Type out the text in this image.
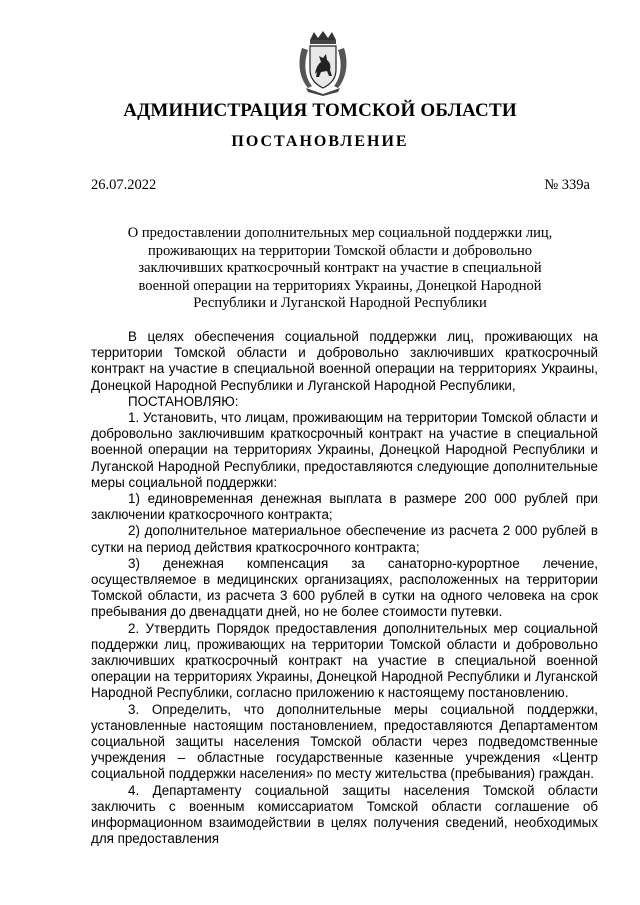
АДМИНИСТРАЦИЯ ТОМСКОЙ ОБЛАСТИ
ПОСТАНОВЛЕНИЕ
26.07.2022	№ 339а
О предоставлении дополнительных мер социальной поддержки лиц, проживающих на территории Томской области и добровольно заключивших краткосрочный контракт на участие в специальной военной операции на территориях Украины, Донецкой Народной Республики и Луганской Народной Республики

В целях обеспечения социальной поддержки лиц, проживающих на территории Томской области и добровольно заключивших краткосрочный контракт на участие в специальной военной операции на территориях Украины, Донецкой Народной Республики и Луганской Народной Республики,

ПОСТАНОВЛЯЮ:

1. Установить, что лицам, проживающим на территории Томской области и добровольно заключившим краткосрочный контракт на участие в специальной военной операции на территориях Украины, Донецкой Народной Республики и Луганской Народной Республики, предоставляются следующие дополнительные меры социальной поддержки:

1) единовременная денежная выплата в размере 200 000 рублей при заключении краткосрочного контракта;

2) дополнительное материальное обеспечение из расчета 2 000 рублей в сутки на период действия краткосрочного контракта;

3) денежная компенсация за санаторно-курортное лечение, осуществляемое в медицинских организациях, расположенных на территории Томской области, из расчета 3 600 рублей в сутки на одного человека на срок пребывания до двенадцати дней, но не более стоимости путевки.

2. Утвердить Порядок предоставления дополнительных мер социальной поддержки лиц, проживающих на территории Томской области и добровольно заключивших краткосрочный контракт на участие в специальной военной операции на территориях Украины, Донецкой Народной Республики и Луганской Народной Республики, согласно приложению к настоящему постановлению.

3. Определить, что дополнительные меры социальной поддержки, установленные настоящим постановлением, предоставляются Департаментом социальной защиты населения Томской области через подведомственные учреждения – областные государственные казенные учреждения «Центр социальной поддержки населения» по месту жительства (пребывания) граждан.

4. Департаменту социальной защиты населения Томской области заключить с военным комиссариатом Томской области соглашение об информационном взаимодействии в целях получения сведений, необходимых для предоставления
